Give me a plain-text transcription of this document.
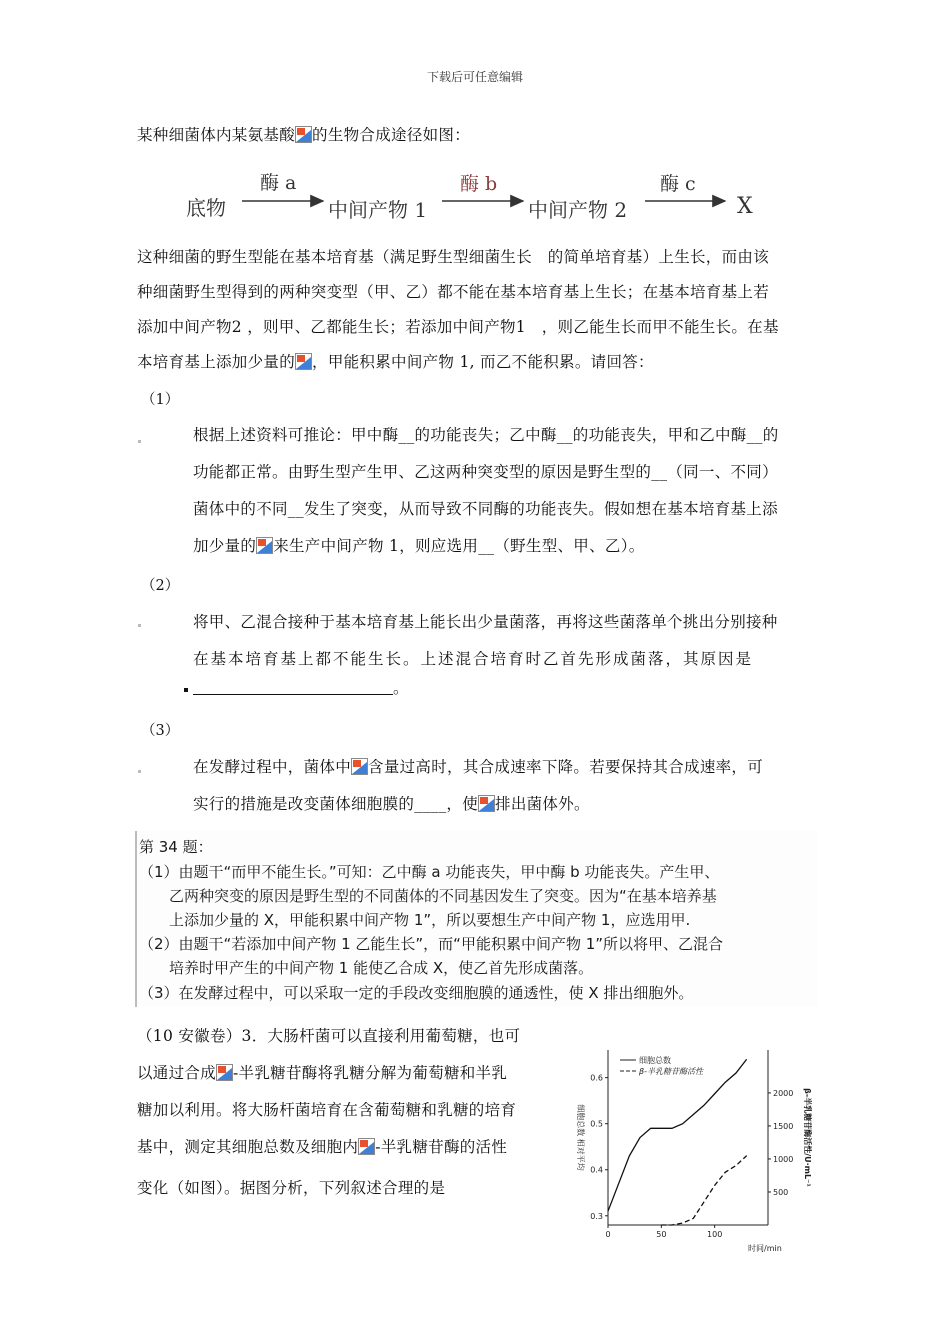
下载后可任意编辑
某种细菌体内某氨基酸 的生物合成途径如图：
底物	中间产物 1	中间产物 2	X
酶 a	酶 b	酶 c
这种细菌的野生型能在基本培育基（满足野生型细菌生长　的简单培育基）上生长，而由该
种细菌野生型得到的两种突变型（甲、乙）都不能在基本培育基上生长；在基本培育基上若
添加中间产物2 ，则甲、乙都能生长；若添加中间产物1　，则乙能生长而甲不能生长。在基
本培育基上添加少量的 ，甲能积累中间产物 1, 而乙不能积累。请回答：
（1）
根据上述资料可推论：甲中酶__的功能丧失；乙中酶__的功能丧失，甲和乙中酶__的
功能都正常。由野生型产生甲、乙这两种突变型的原因是野生型的__（同一、不同）
菌体中的不同__发生了突变，从而导致不同酶的功能丧失。假如想在基本培育基上添
加少量的 来生产中间产物 1，则应选用__（野生型、甲、乙）。
（2）
将甲、乙混合接种于基本培育基上能长出少量菌落，再将这些菌落单个挑出分别接种
在基本培育基上都不能生长。上述混合培育时乙首先形成菌落，其原因是
。
（3）
在发酵过程中，菌体中 含量过高时，其合成速率下降。若要保持其合成速率，可
实行的措施是改变菌体细胞膜的____，使 排出菌体外。
第 34 题：
（1）由题干“而甲不能生长。”可知：乙中酶 a 功能丧失，甲中酶 b 功能丧失。产生甲、
　　乙两种突变的原因是野生型的不同菌体的不同基因发生了突变。因为“在基本培养基
　　上添加少量的 X，甲能积累中间产物 1”，所以要想生产中间产物 1，应选用甲.
（2）由题干“若添加中间产物 1 乙能生长”，而“甲能积累中间产物 1”所以将甲、乙混合
　　培养时甲产生的中间产物 1 能使乙合成 X，使乙首先形成菌落。
（3）在发酵过程中，可以采取一定的手段改变细胞膜的通透性，使 X 排出细胞外。
（10 安徽卷）3．大肠杆菌可以直接利用葡萄糖，也可
以通过合成 -半乳糖苷酶将乳糖分解为葡萄糖和半乳
糖加以利用。将大肠杆菌培育在含葡萄糖和乳糖的培育
基中，测定其细胞总数及细胞内 -半乳糖苷酶的活性
变化（如图）。据图分析，下列叙述合理的是
0	50	100
0.3
0.4
0.5
0.6
500
1000
1500
2000
时间/min
细胞总数 相对平均	β-半乳糖苷酶活性/U·mL⁻¹
细胞总数
β-半乳糖苷酶活性
